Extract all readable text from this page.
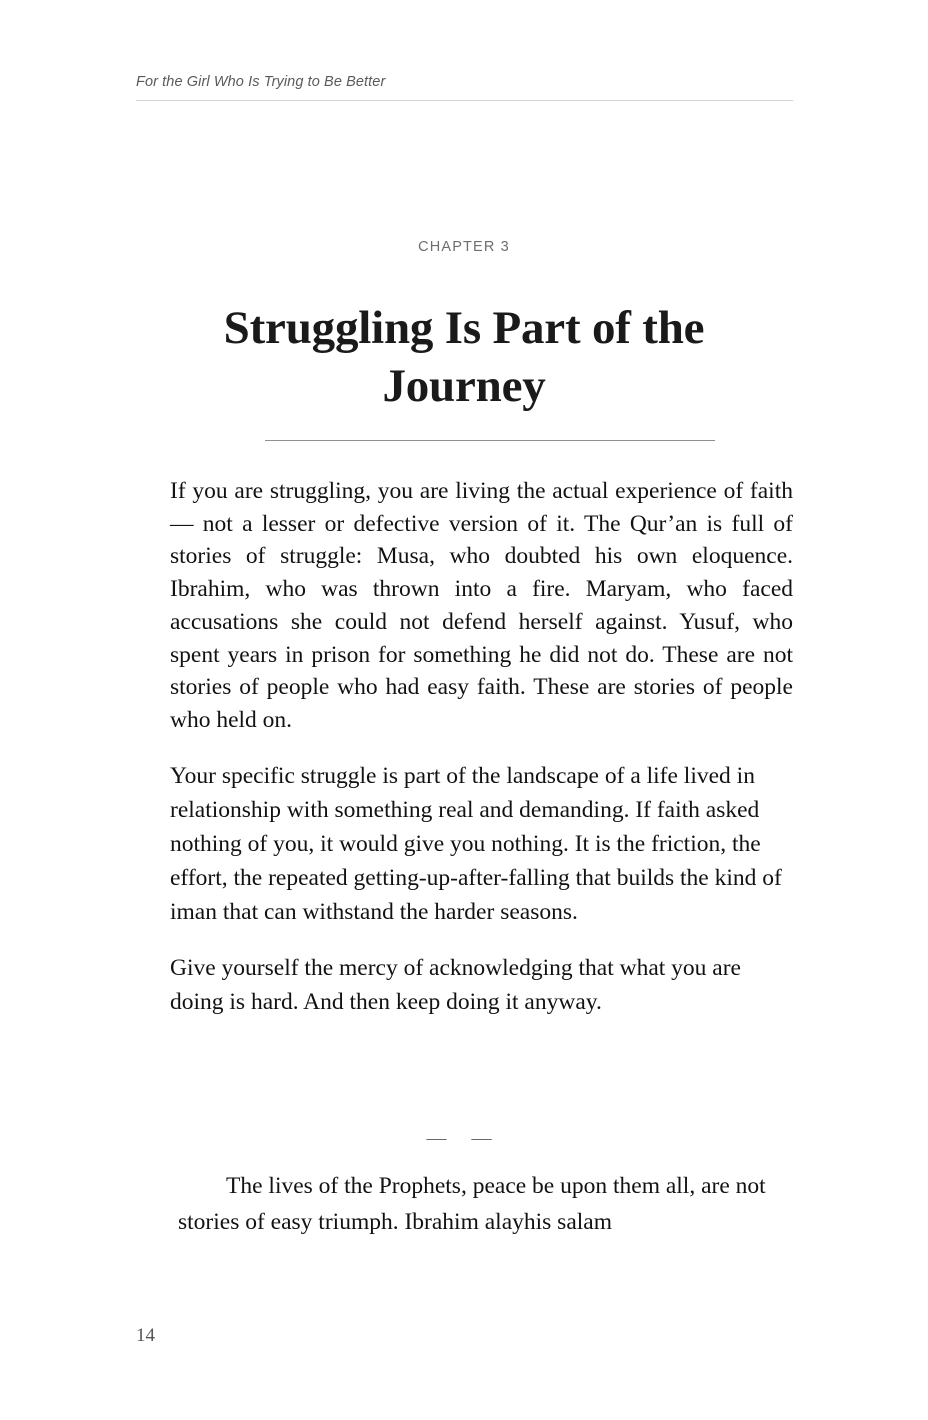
For the Girl Who Is Trying to Be Better
CHAPTER 3
Struggling Is Part of the Journey

If you are struggling, you are living the actual experience of faith — not a lesser or defective version of it. The Qur’an is full of stories of struggle: Musa, who doubted his own eloquence. Ibrahim, who was thrown into a fire. Maryam, who faced accusations she could not defend herself against. Yusuf, who spent years in prison for something he did not do. These are not stories of people who had easy faith. These are stories of people who held on.

Your specific struggle is part of the landscape of a life lived in relationship with something real and demanding. If faith asked nothing of you, it would give you nothing. It is the friction, the effort, the repeated getting-up-after-falling that builds the kind of iman that can withstand the harder seasons.

Give yourself the mercy of acknowledging that what you are doing is hard. And then keep doing it anyway.

— —

The lives of the Prophets, peace be upon them all, are not stories of easy triumph. Ibrahim alayhis salam

14
